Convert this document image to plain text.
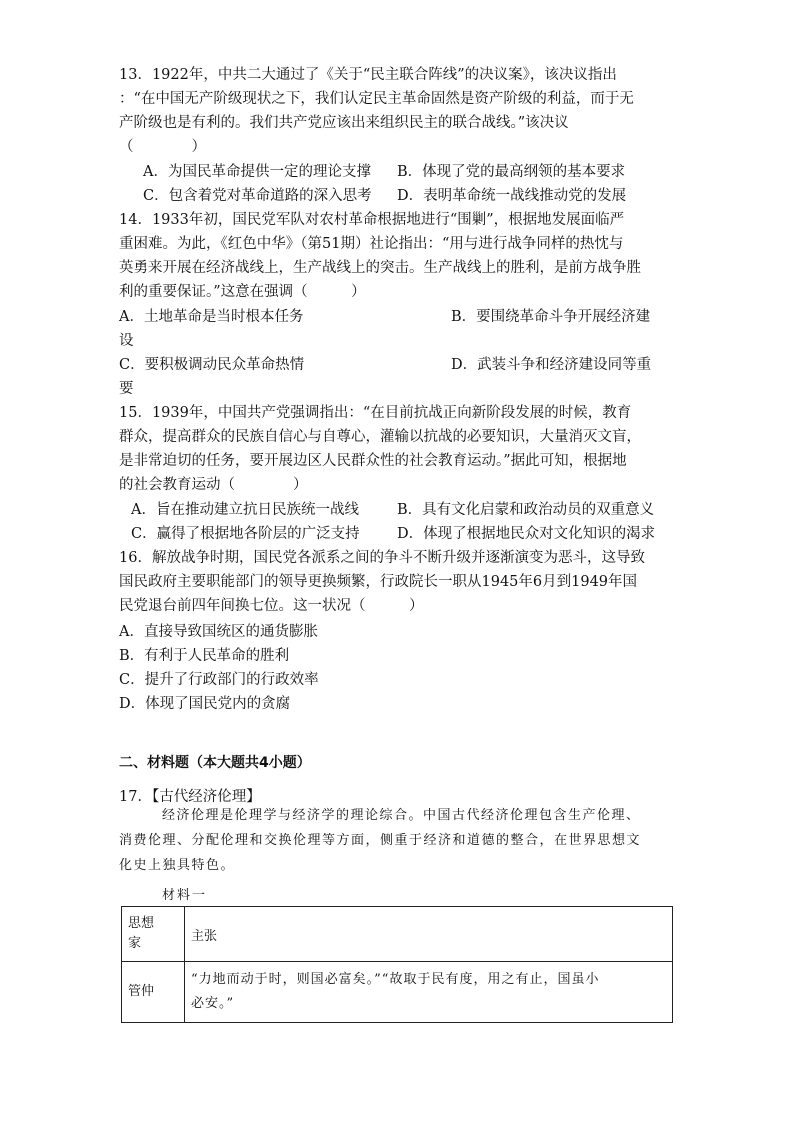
13．1922年，中共二大通过了《关于“民主联合阵线”的决议案》，该决议指出
：“在中国无产阶级现状之下，我们认定民主革命固然是资产阶级的利益，而于无
产阶级也是有利的。我们共产党应该出来组织民主的联合战线。”该决议
（　　　　）
A．为国民革命提供一定的理论支撑 B．体现了党的最高纲领的基本要求
C．包含着党对革命道路的深入思考 D．表明革命统一战线推动党的发展
14．1933年初，国民党军队对农村革命根据地进行“围剿”，根据地发展面临严
重困难。为此，《红色中华》（第51期）社论指出：“用与进行战争同样的热忱与
英勇来开展在经济战线上，生产战线上的突击。生产战线上的胜利，是前方战争胜
利的重要保证。”这意在强调（　　　）
A．土地革命是当时根本任务	B．要围绕革命斗争开展经济建
设
C．要积极调动民众革命热情	D．武装斗争和经济建设同等重
要
15．1939年，中国共产党强调指出：“在目前抗战正向新阶段发展的时候，教育
群众，提高群众的民族自信心与自尊心，灌输以抗战的必要知识，大量消灭文盲，
是非常迫切的任务，要开展边区人民群众性的社会教育运动。”据此可知，根据地
的社会教育运动（　　　　）
A．旨在推动建立抗日民族统一战线	B．具有文化启蒙和政治动员的双重意义
C．赢得了根据地各阶层的广泛支持	D．体现了根据地民众对文化知识的渴求
16．解放战争时期，国民党各派系之间的争斗不断升级并逐渐演变为恶斗，这导致
国民政府主要职能部门的领导更换频繁，行政院长一职从1945年6月到1949年国
民党退台前四年间换七位。这一状况（　　　）
A．直接导致国统区的通货膨胀
B．有利于人民革命的胜利
C．提升了行政部门的行政效率
D．体现了国民党内的贪腐
二、材料题（本大题共4小题）
17．【古代经济伦理】
经济伦理是伦理学与经济学的理论综合。中国古代经济伦理包含生产伦理、
消费伦理、分配伦理和交换伦理等方面，侧重于经济和道德的整合，在世界思想文
化史上独具特色。
材料一
思想
家	主张
管仲	“力地而动于时，则国必富矣。”“故取于民有度，用之有止，国虽小
必安。”
